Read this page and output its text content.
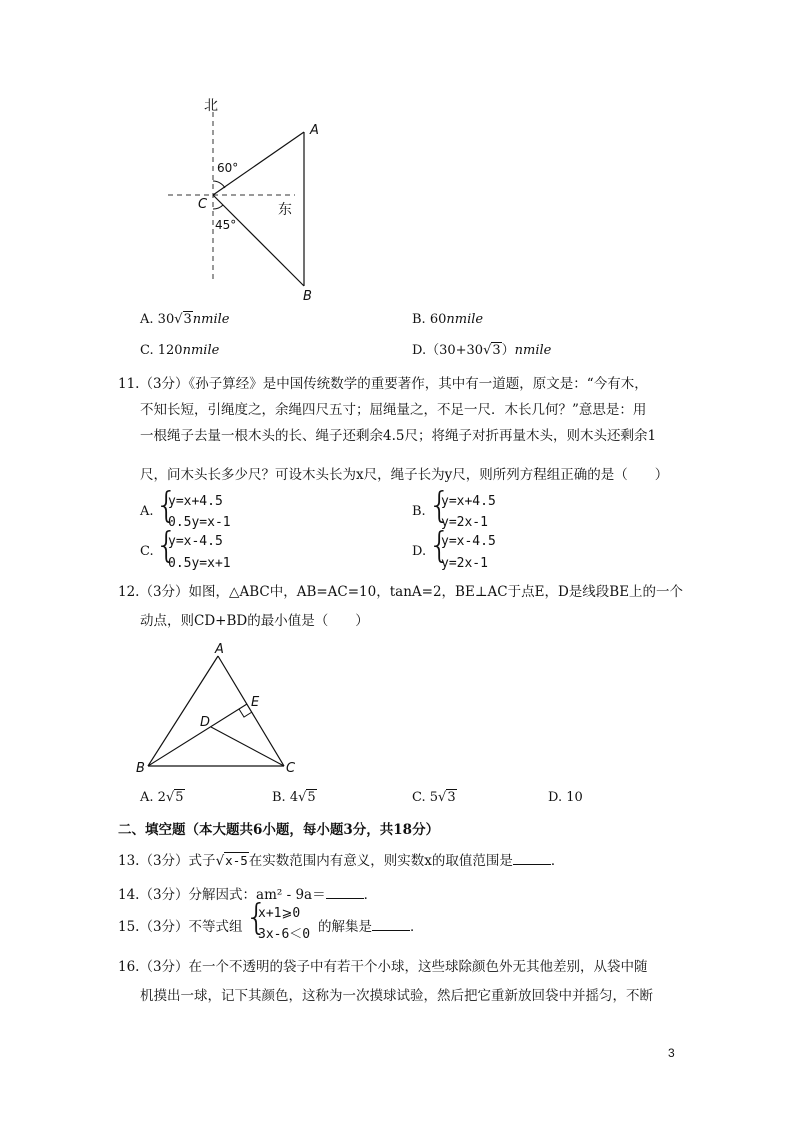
北
60°
45°
东
A
C
B
A. 30√3nmile	B. 60nmile
C. 120nmile	D.（30+30√3）nmile
11.（3分）《孙子算经》是中国传统数学的重要著作，其中有一道题，原文是：“今有木，
不知长短，引绳度之，余绳四尺五寸；屈绳量之，不足一尺．木长几何？”意思是：用
一根绳子去量一根木头的长、绳子还剩余4.5尺；将绳子对折再量木头，则木头还剩余1
尺，问木头长多少尺？可设木头长为x尺，绳子长为y尺，则所列方程组正确的是（　　）
A. {
y=x+4.5
0.5y=x-1
B. {
y=x+4.5
y=2x-1
C. {
y=x-4.5
0.5y=x+1
D. {
y=x-4.5
y=2x-1
12.（3分）如图，△ABC中，AB=AC=10，tanA=2，BE⊥AC于点E，D是线段BE上的一个
动点，则CD+BD的最小值是（　　）
A
E
D
B	C
A. 2√5	B. 4√5	C. 5√3	D. 10
二、填空题（本大题共6小题，每小题3分，共18分）
13.（3分）式子√x-5在实数范围内有意义，则实数x的取值范围是	．
14.（3分）分解因式：am² - 9a＝	．
15.（3分）不等式组 {
x+1⩾0
3x-6＜0 的解集是	．
16.（3分）在一个不透明的袋子中有若干个小球，这些球除颜色外无其他差别，从袋中随
机摸出一球，记下其颜色，这称为一次摸球试验，然后把它重新放回袋中并摇匀，不断
3
